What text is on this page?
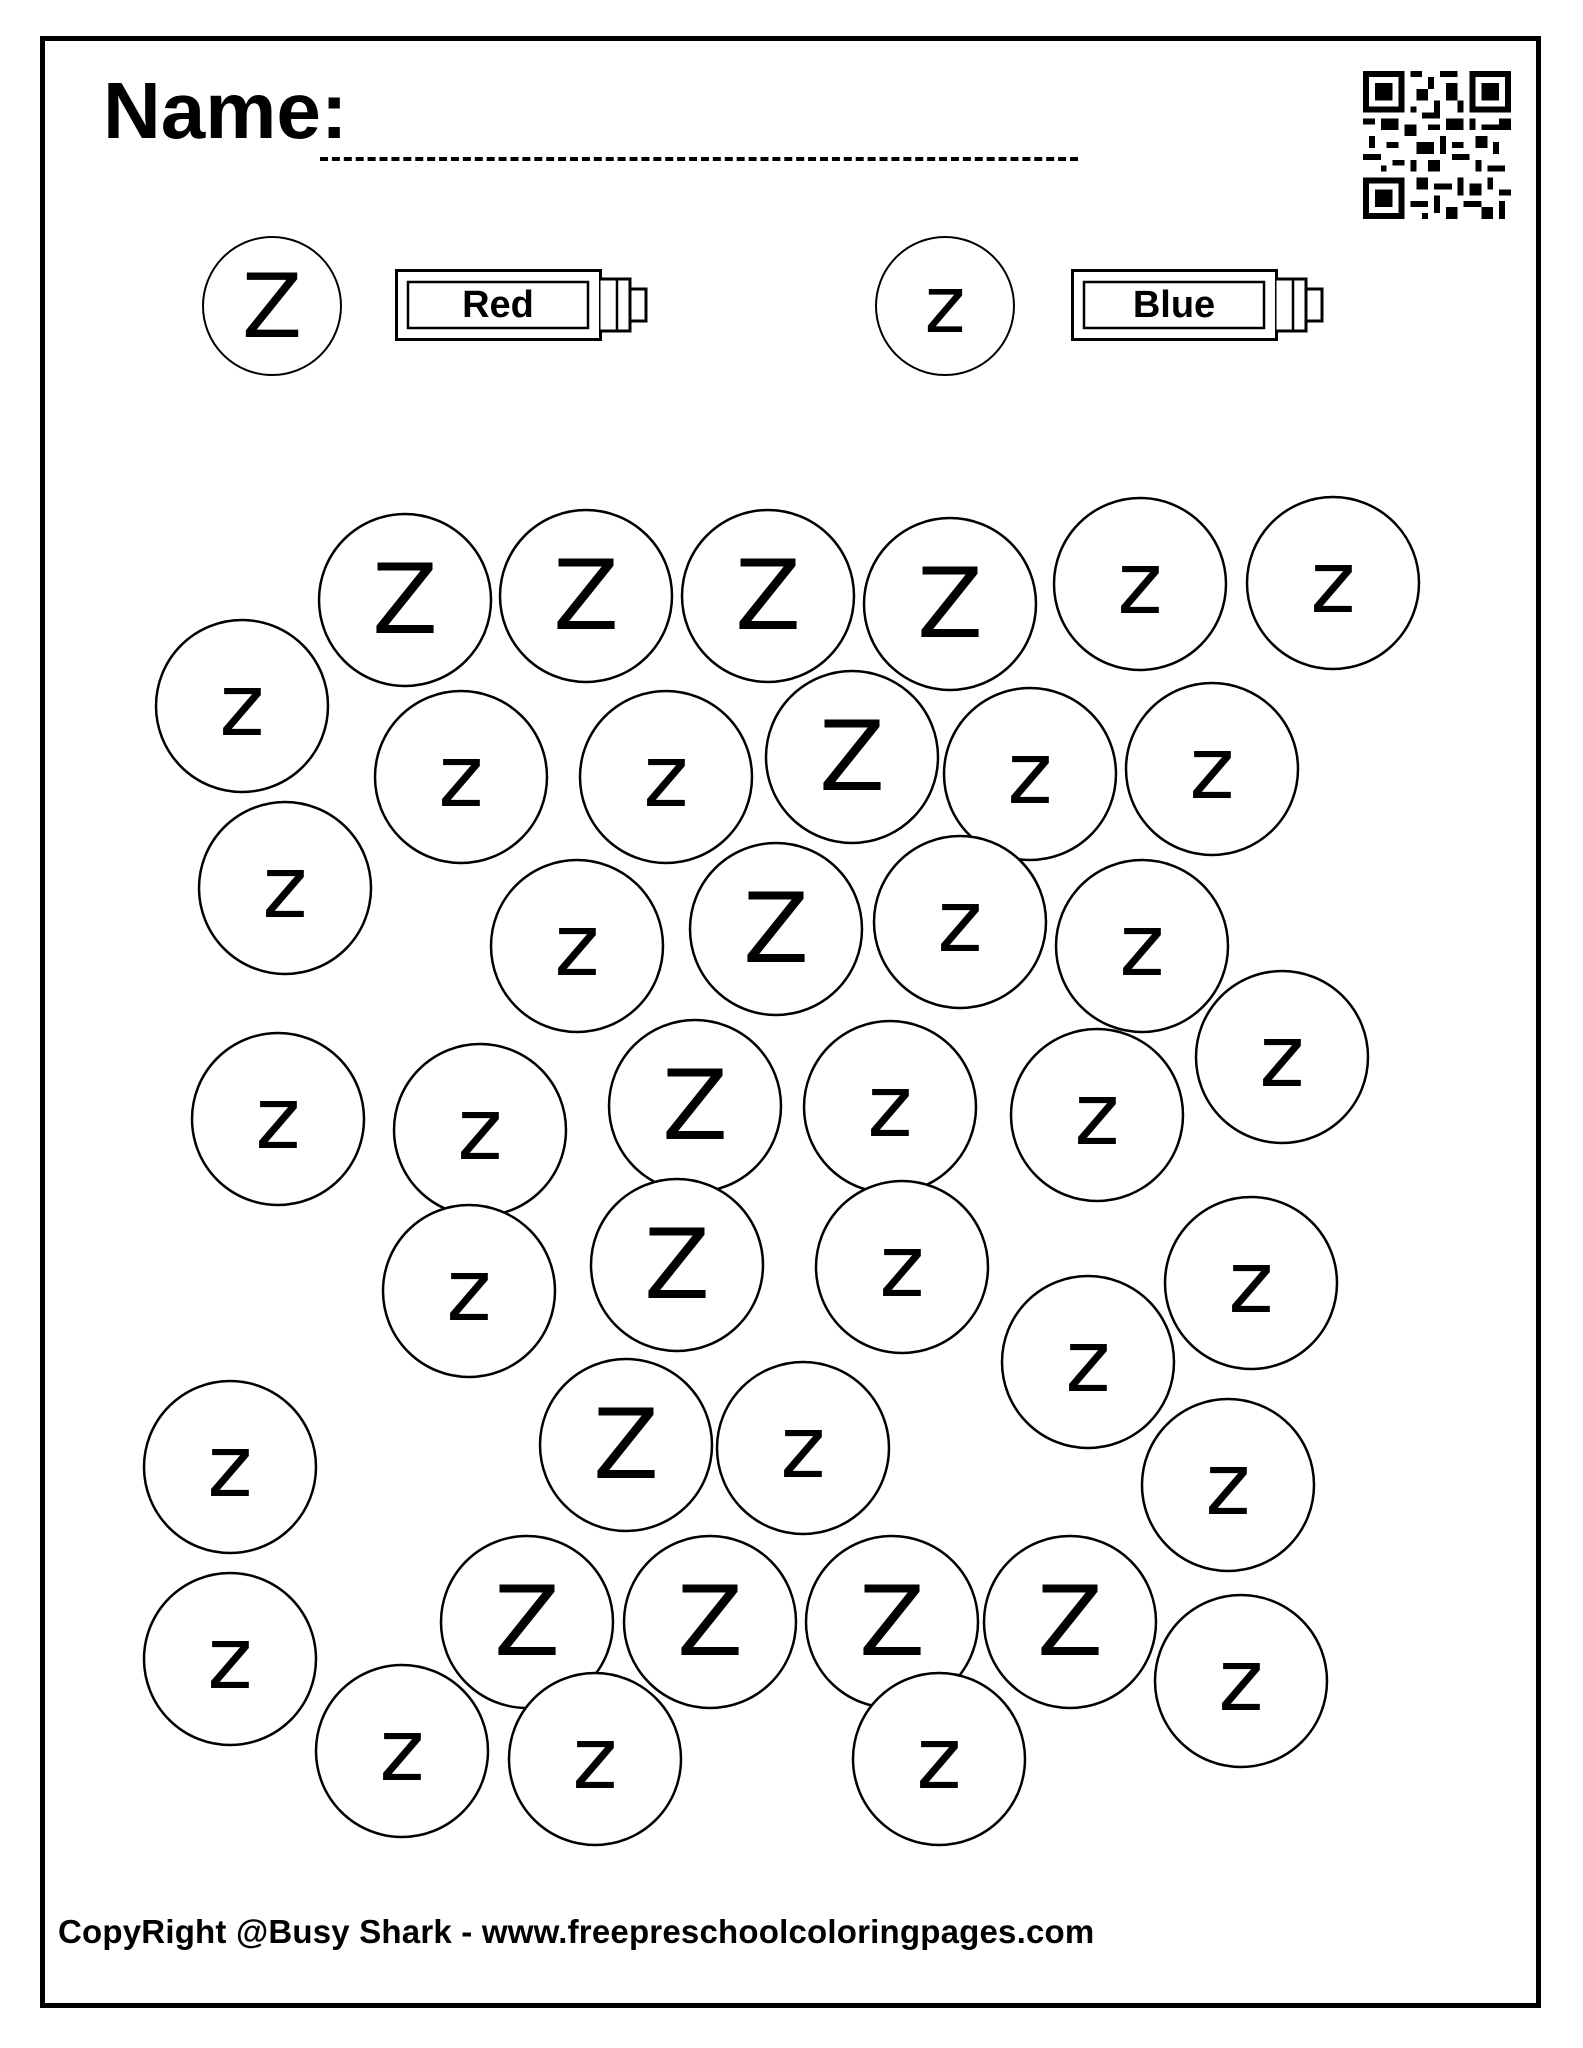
Name:
Z	Red	z	Blue
Z Z Z Z z z
z
z z Z z z
z
z Z z z
z z Z z z
z
z Z z
z
z
z	Z z	z
Z Z Z Z
z
z
z z	z
CopyRight @Busy Shark - www.freepreschoolcoloringpages.com
